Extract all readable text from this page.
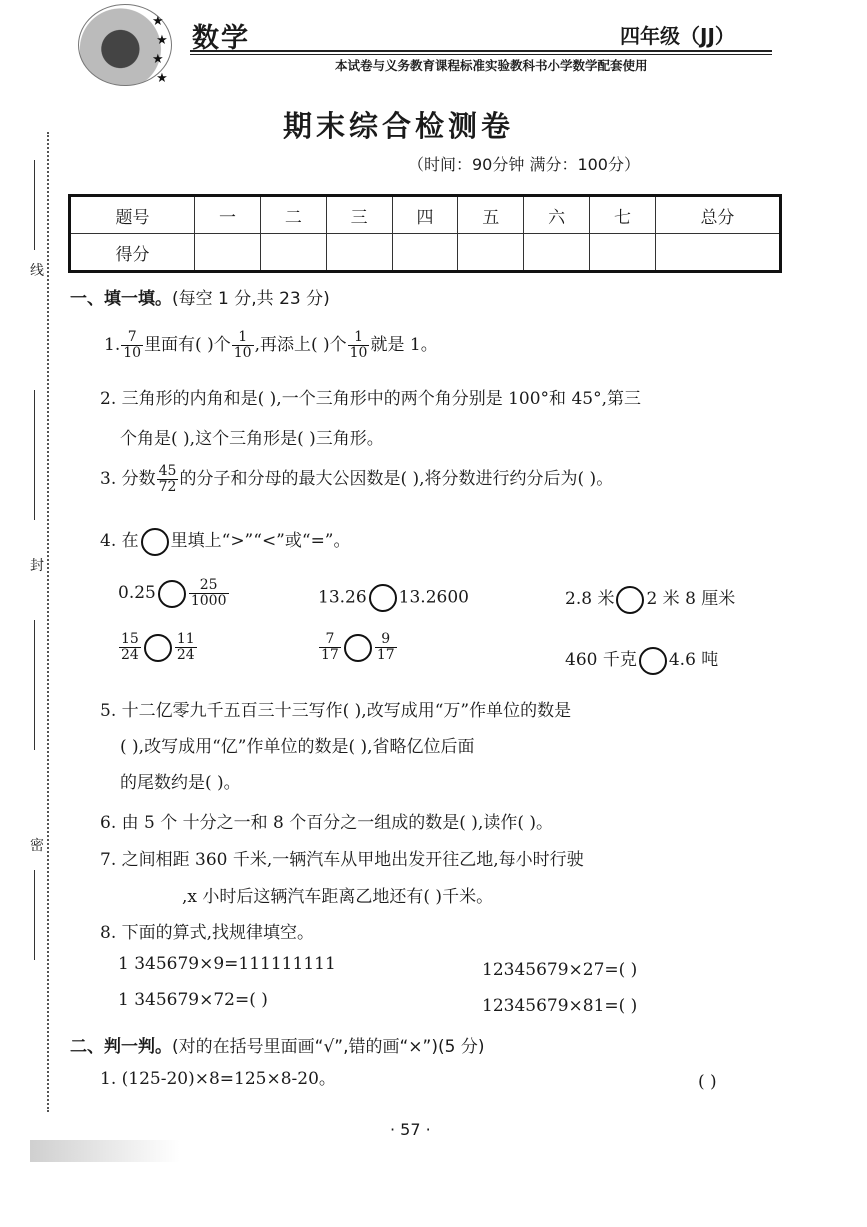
★
★
★
★
数学	四年级（JJ）
本试卷与义务教育课程标准实验教科书小学数学配套使用
期末综合检测卷
（时间：90分钟 满分：100分）
题号	一	二	三	四	五	六	七	总分
得分								
线
封
密
一、填一填。(每空 1 分,共 23 分)
1. $\frac{7}{10}$ 里面有( )个 $\frac{1}{10}$ ,再添上( )个 $\frac{1}{10}$ 就是 1。
2. 三角形的内角和是( ),一个三角形中的两个角分别是 100°和 45°,第三
个角是( ),这个三角形是( )三角形。
3. 分数 $\frac{45}{72}$ 的分子和分母的最大公因数是( ),将分数进行约分后为( )。
4. 在 里填上“>”“<”或“=”。
$0.25 \frac{25}{1000}$	13.26 13.2600	2.8 米 2 米 8 厘米
$\frac{15}{24} \frac{11}{24}$	$\frac{7}{17} \frac{9}{17}$	460 千克 4.6 吨
5. 十二亿零九千五百三十三写作( ),改写成用“万”作单位的数是
( ),改写成用“亿”作单位的数是( ),省略亿位后面
的尾数约是( )。
6. 由 5 个 十分之一和 8 个百分之一组成的数是( ),读作( )。
7. 之间相距 360 千米,一辆汽车从甲地出发开往乙地,每小时行驶
,x 小时后这辆汽车距离乙地还有( )千米。
8. 下面的算式,找规律填空。
1 345679×9=111111111	12345679×27=( )
1 345679×72=( )	12345679×81=( )
二、判一判。(对的在括号里面画“√”,错的画“×”)(5 分)
1. (125-20)×8=125×8-20。	( )
· 57 ·
